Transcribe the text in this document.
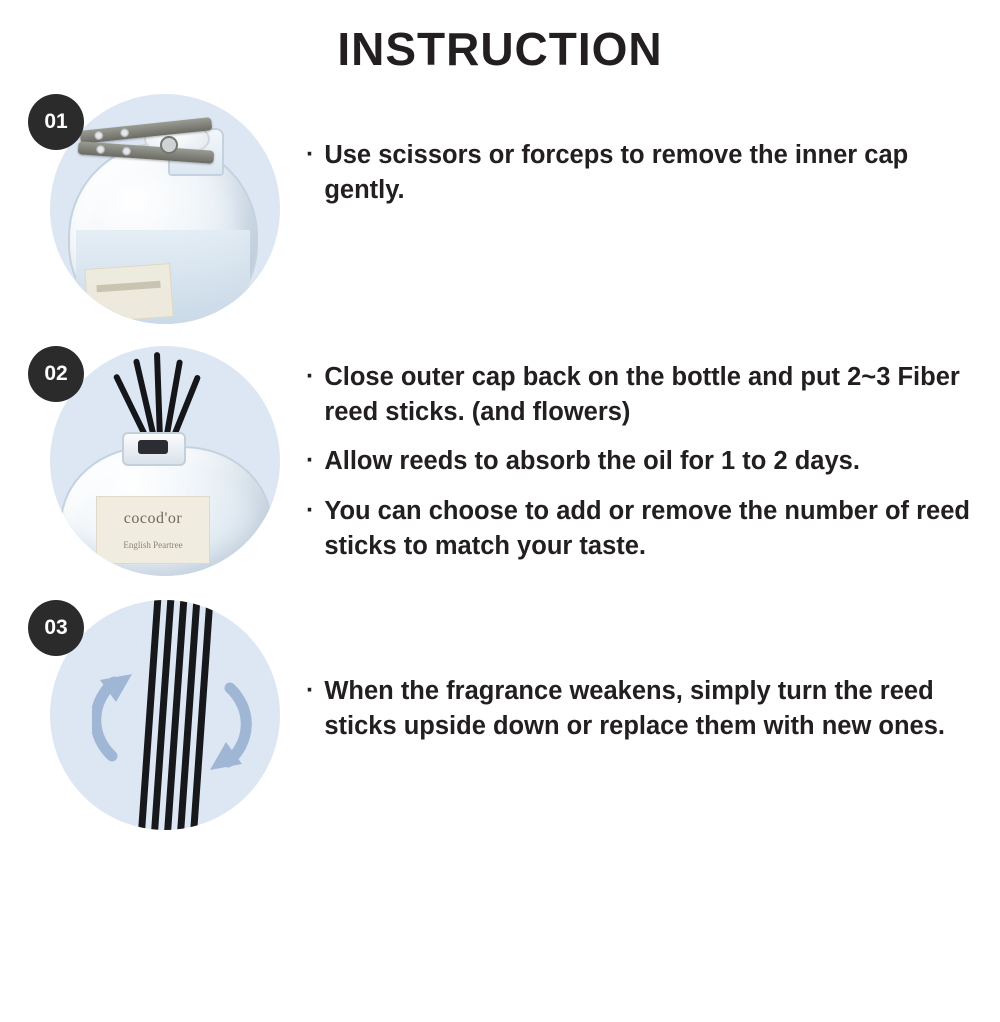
INSTRUCTION
01
· Use scissors or forceps to remove the inner cap gently.
02
cocod'or
English Peartree
· Close outer cap back on the bottle and put 2~3 Fiber reed sticks. (and flowers)
· Allow reeds to absorb the oil for 1 to 2 days.
· You can choose to add or remove the number of reed sticks to match your taste.
03
· When the fragrance weakens, simply turn the reed sticks upside down or replace them with new ones.
